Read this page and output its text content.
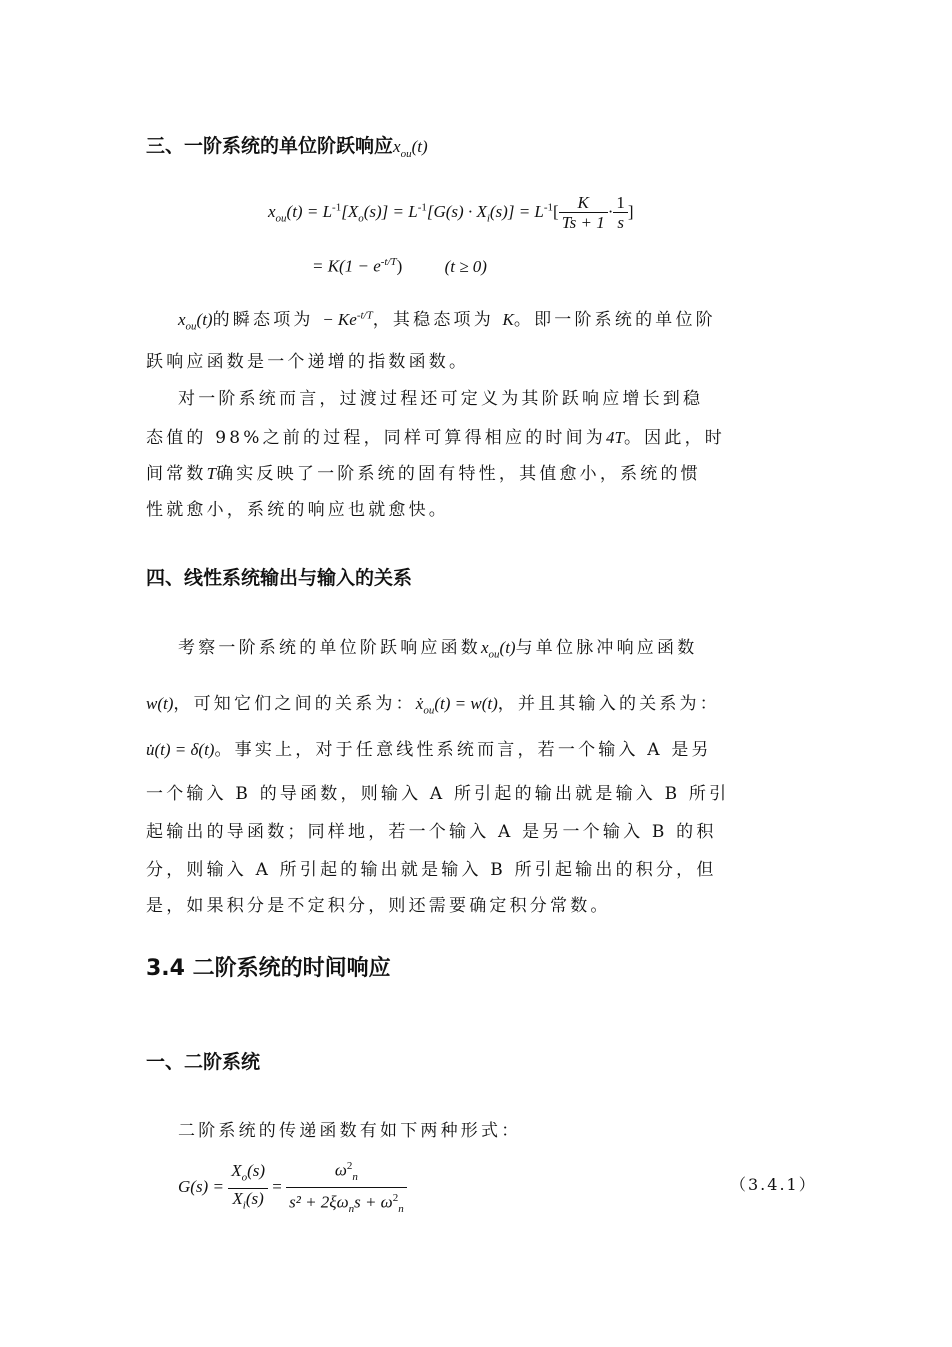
三、一阶系统的单位阶跃响应$x_{ou}(t)$
$x_{ou}(t) = L^{-1}[X_o(s)] = L^{-1}[G(s) \cdot X_i(s)] = L^{-1}[ \frac{K}{Ts + 1} \cdot \frac{1}{s}$ ]
= $K(1 - e^{-t/T})$ (t ≥ 0)
$x_{ou}(t)$的瞬态项为 − $Ke^{-t/T}$，其稳态项为 K。即一阶系统的单位阶
跃响应函数是一个递增的指数函数。
对一阶系统而言，过渡过程还可定义为其阶跃响应增长到稳
态值的 98%之前的过程，同样可算得相应的时间为4T。因此，时
间常数T确实反映了一阶系统的固有特性，其值愈小，系统的惯
性就愈小，系统的响应也就愈快。
四、线性系统输出与输入的关系
考察一阶系统的单位阶跃响应函数$x_{ou}(t)$与单位脉冲响应函数
w(t)，可知它们之间的关系为：ẋ$_{ou}$(t) = w(t)，并且其输入的关系为：
u̇(t) = δ(t)。事实上，对于任意线性系统而言，若一个输入 A 是另
一个输入 B 的导函数，则输入 A 所引起的输出就是输入 B 所引
起输出的导函数；同样地，若一个输入 A 是另一个输入 B 的积
分，则输入 A 所引起的输出就是输入 B 所引起输出的积分，但
是，如果积分是不定积分，则还需要确定积分常数。
3.4 二阶系统的时间响应
一、二阶系统
二阶系统的传递函数有如下两种形式：
$G(s) = \frac{X_o(s)}{X_i(s)} = \frac{\omega^2_n}{s^2 + 2\xi\omega_ns + \omega^2_n}$	（3.4.1）
